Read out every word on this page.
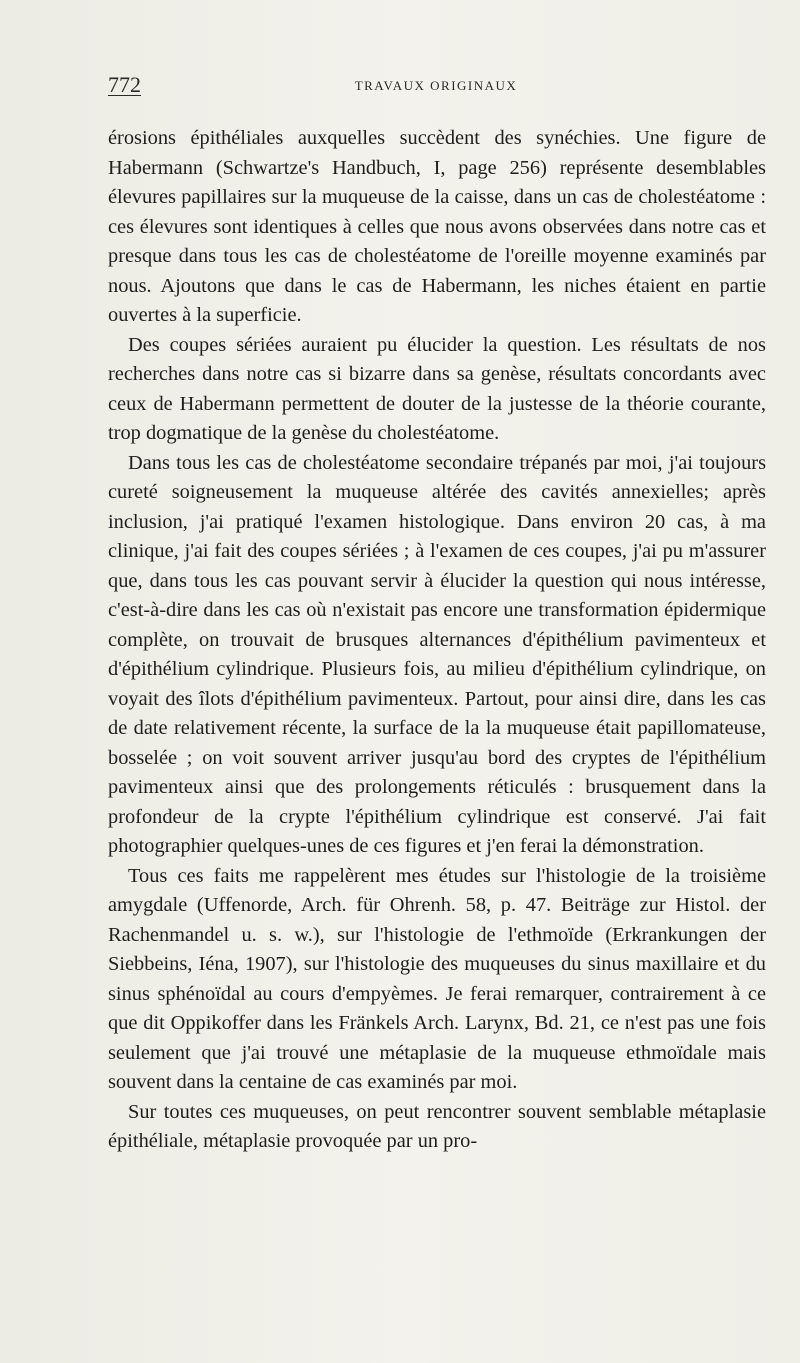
772	TRAVAUX ORIGINAUX

érosions épithéliales auxquelles succèdent des synéchies. Une figure de Habermann (Schwartze's Handbuch, I, page 256) représente desemblables élevures papillaires sur la muqueuse de la caisse, dans un cas de cholestéatome : ces élevures sont identiques à celles que nous avons observées dans notre cas et presque dans tous les cas de cholestéatome de l'oreille moyenne examinés par nous. Ajoutons que dans le cas de Habermann, les niches étaient en partie ouvertes à la superficie.

Des coupes sériées auraient pu élucider la question. Les résultats de nos recherches dans notre cas si bizarre dans sa genèse, résultats concordants avec ceux de Habermann permettent de douter de la justesse de la théorie courante, trop dogmatique de la genèse du cholestéatome.

Dans tous les cas de cholestéatome secondaire trépanés par moi, j'ai toujours cureté soigneusement la muqueuse altérée des cavités annexielles; après inclusion, j'ai pratiqué l'examen histologique. Dans environ 20 cas, à ma clinique, j'ai fait des coupes sériées ; à l'examen de ces coupes, j'ai pu m'assurer que, dans tous les cas pouvant servir à élucider la question qui nous intéresse, c'est-à-dire dans les cas où n'existait pas encore une transformation épidermique complète, on trouvait de brusques alternances d'épithélium pavimenteux et d'épithélium cylindrique. Plusieurs fois, au milieu d'épithélium cylindrique, on voyait des îlots d'épithélium pavimenteux. Partout, pour ainsi dire, dans les cas de date relativement récente, la surface de la la muqueuse était papillomateuse, bosselée ; on voit souvent arriver jusqu'au bord des cryptes de l'épithélium pavimenteux ainsi que des prolongements réticulés : brusquement dans la profondeur de la crypte l'épithélium cylindrique est conservé. J'ai fait photographier quelques-unes de ces figures et j'en ferai la démonstration.

Tous ces faits me rappelèrent mes études sur l'histologie de la troisième amygdale (Uffenorde, Arch. für Ohrenh. 58, p. 47. Beiträge zur Histol. der Rachenmandel u. s. w.), sur l'histologie de l'ethmoïde (Erkrankungen der Siebbeins, Iéna, 1907), sur l'histologie des muqueuses du sinus maxillaire et du sinus sphénoïdal au cours d'empyèmes. Je ferai remarquer, contrairement à ce que dit Oppikoffer dans les Fränkels Arch. Larynx, Bd. 21, ce n'est pas une fois seulement que j'ai trouvé une métaplasie de la muqueuse ethmoïdale mais souvent dans la centaine de cas examinés par moi.

Sur toutes ces muqueuses, on peut rencontrer souvent semblable métaplasie épithéliale, métaplasie provoquée par un pro-
